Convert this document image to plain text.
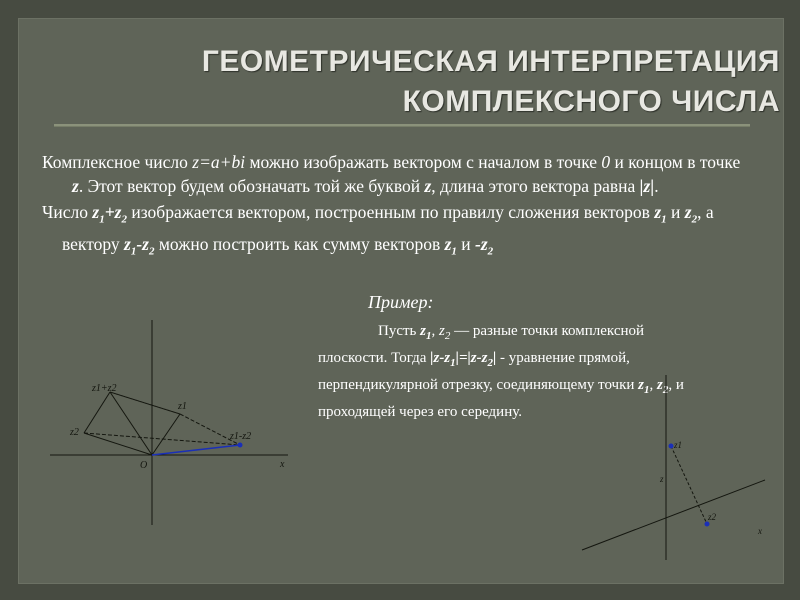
ГЕОМЕТРИЧЕСКАЯ ИНТЕРПРЕТАЦИЯ
КОМПЛЕКСНОГО ЧИСЛА

Комплексное число z=a+bi можно изображать вектором с началом в точке 0 и концом в точке z. Этот вектор будем обозначать той же буквой z, длина этого вектора равна |z|.

Число $z_1+z_2$ изображается вектором, построенным по правилу сложения векторов $z_1$ и $z_2$, а вектору $z_1-z_2$ можно построить как сумму векторов $z_1$ и $-z_2$

Пример:
Пусть $z_1$, $z_2$ — разные точки комплексной плоскости. Тогда $|z-z_1|=|z-z_2|$ - уравнение прямой, перпендикулярной отрезку, соединяющему точки $z_1$, $z_2$, и проходящей через его середину.
z1+z2
z1
z2	z1-z2
O	x
z1
z
z2
x
